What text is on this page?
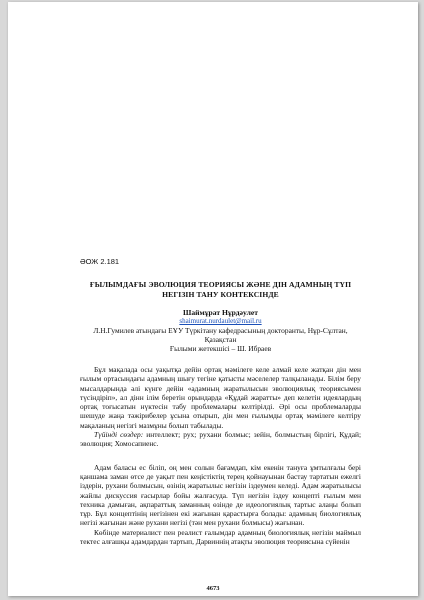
ӘОЖ 2.181
ҒЫЛЫМДАҒЫ ЭВОЛЮЦИЯ ТЕОРИЯСЫ ЖӘНЕ ДІН АДАМНЫҢ ТҮП
НЕГІЗІН ТАНУ КОНТЕКСІНДЕ
Шаймұрат Нұрдәулет
shaimurat.nurdaulet@mail.ru
Л.Н.Гумилев атындағы ЕҰУ Түркітану кафедрасының докторанты, Нұр-Сұлтан, Қазақстан
Ғылыми жетекшісі – Ш. Ибраев

Бұл мақалада осы уақытқа дейін ортақ мәмілеге келе алмай келе жатқан дін мен ғылым ортасындағы адамның шығу тегіне қатысты мәселелер талқыланады. Білім беру мысалдарында әлі күнге дейін «адамның жаратылысын эволюциялық теориясымен түсіндіріп», ал дінн ілім беретін орындарда «Құдай жаратты» деп келетін идеялардың ортақ тоғысатын нүктесін табу проблемалары келтірілді. Әрі осы проблемаларды шешуде жаңа тәжірибелер ұсына отырып, дін мен ғылымды ортақ мәмілеге келтіру мақаланың негізгі мазмұны болып табылады.

Түйінді сөздер: интеллект; рух; рухани болмыс; зейін, болмыстың бірлігі, Құдай; эволюция; Хомосапиенс.

Адам баласы ес біліп, оң мен солын бағамдап, кім екенін тануға ұмтылғалы бері қаншама заман өтсе де уақыт пен кеңістіктің терең қойнауынан бастау тартатын ежелгі іздерін, рухани болмысын, өзінің жаратылыс негізін іздеумен келеді. Адам жаратылысы жайлы дискуссия ғасырлар бойы жалғасуда. Түп негізін іздеу концепті ғылым мен техника дамыған, ақпараттық заманның өзінде де идеологиялық тартыс алаңы болып тұр. Бұл концептінің негізінен екі жағынан қарастырға болады: адамның биологиялық негізі жағынан және рухани негізі (тән мен рухани болмысы) жағынан.

Көбінде материалист пен реалист ғалымдар адамның биологиялық негізін маймыл тектес алғашқы адамдардан тартып, Дарвиннің атақты эволюция теориясына сүйенін

4673
